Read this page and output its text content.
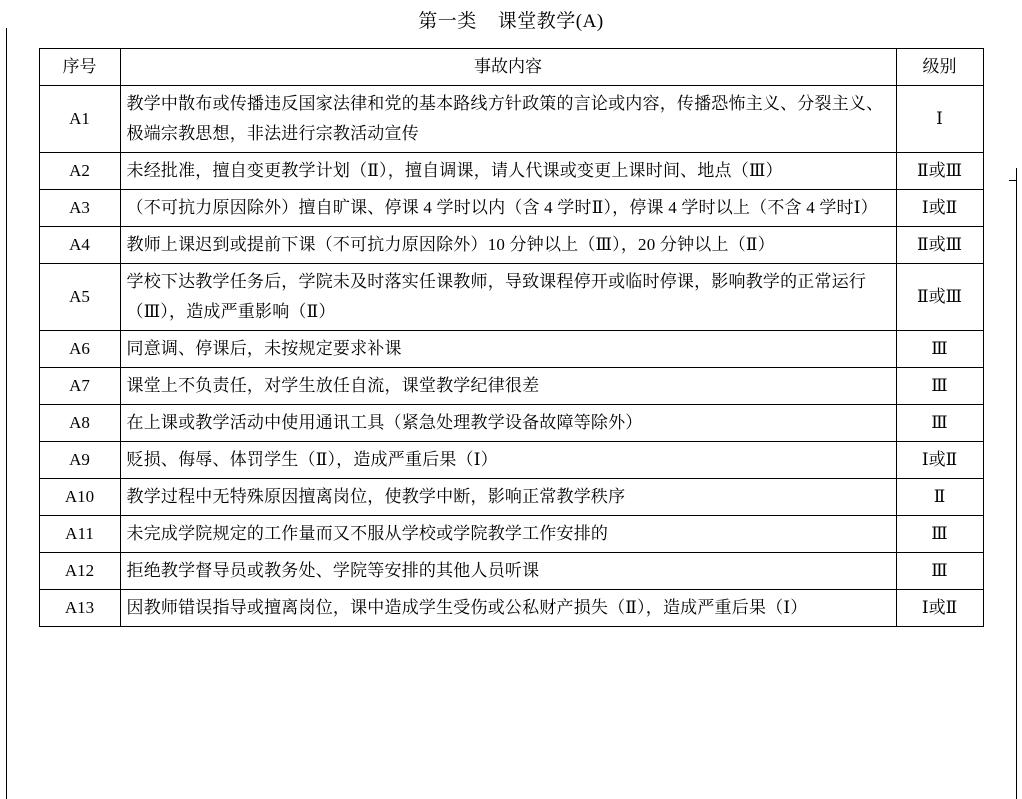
第一类    课堂教学(A)
序号	事故内容	级别
A1	教学中散布或传播违反国家法律和党的基本路线方针政策的言论或内容，传播恐怖主义、分裂主义、极端宗教思想，非法进行宗教活动宣传	Ⅰ
A2	未经批准，擅自变更教学计划（Ⅱ），擅自调课，请人代课或变更上课时间、地点（Ⅲ）	Ⅱ或Ⅲ
A3	（不可抗力原因除外）擅自旷课、停课 4 学时以内（含 4 学时Ⅱ），停课 4 学时以上（不含 4 学时Ⅰ）	Ⅰ或Ⅱ
A4	教师上课迟到或提前下课（不可抗力原因除外）10 分钟以上（Ⅲ），20 分钟以上（Ⅱ）	Ⅱ或Ⅲ
A5	学校下达教学任务后，学院未及时落实任课教师，导致课程停开或临时停课，影响教学的正常运行（Ⅲ），造成严重影响（Ⅱ）	Ⅱ或Ⅲ
A6	同意调、停课后，未按规定要求补课	Ⅲ
A7	课堂上不负责任，对学生放任自流，课堂教学纪律很差	Ⅲ
A8	在上课或教学活动中使用通讯工具（紧急处理教学设备故障等除外）	Ⅲ
A9	贬损、侮辱、体罚学生（Ⅱ），造成严重后果（Ⅰ）	Ⅰ或Ⅱ
A10	教学过程中无特殊原因擅离岗位，使教学中断，影响正常教学秩序	Ⅱ
A11	未完成学院规定的工作量而又不服从学校或学院教学工作安排的	Ⅲ
A12	拒绝教学督导员或教务处、学院等安排的其他人员听课	Ⅲ
A13	因教师错误指导或擅离岗位，课中造成学生受伤或公私财产损失（Ⅱ），造成严重后果（Ⅰ）	Ⅰ或Ⅱ
